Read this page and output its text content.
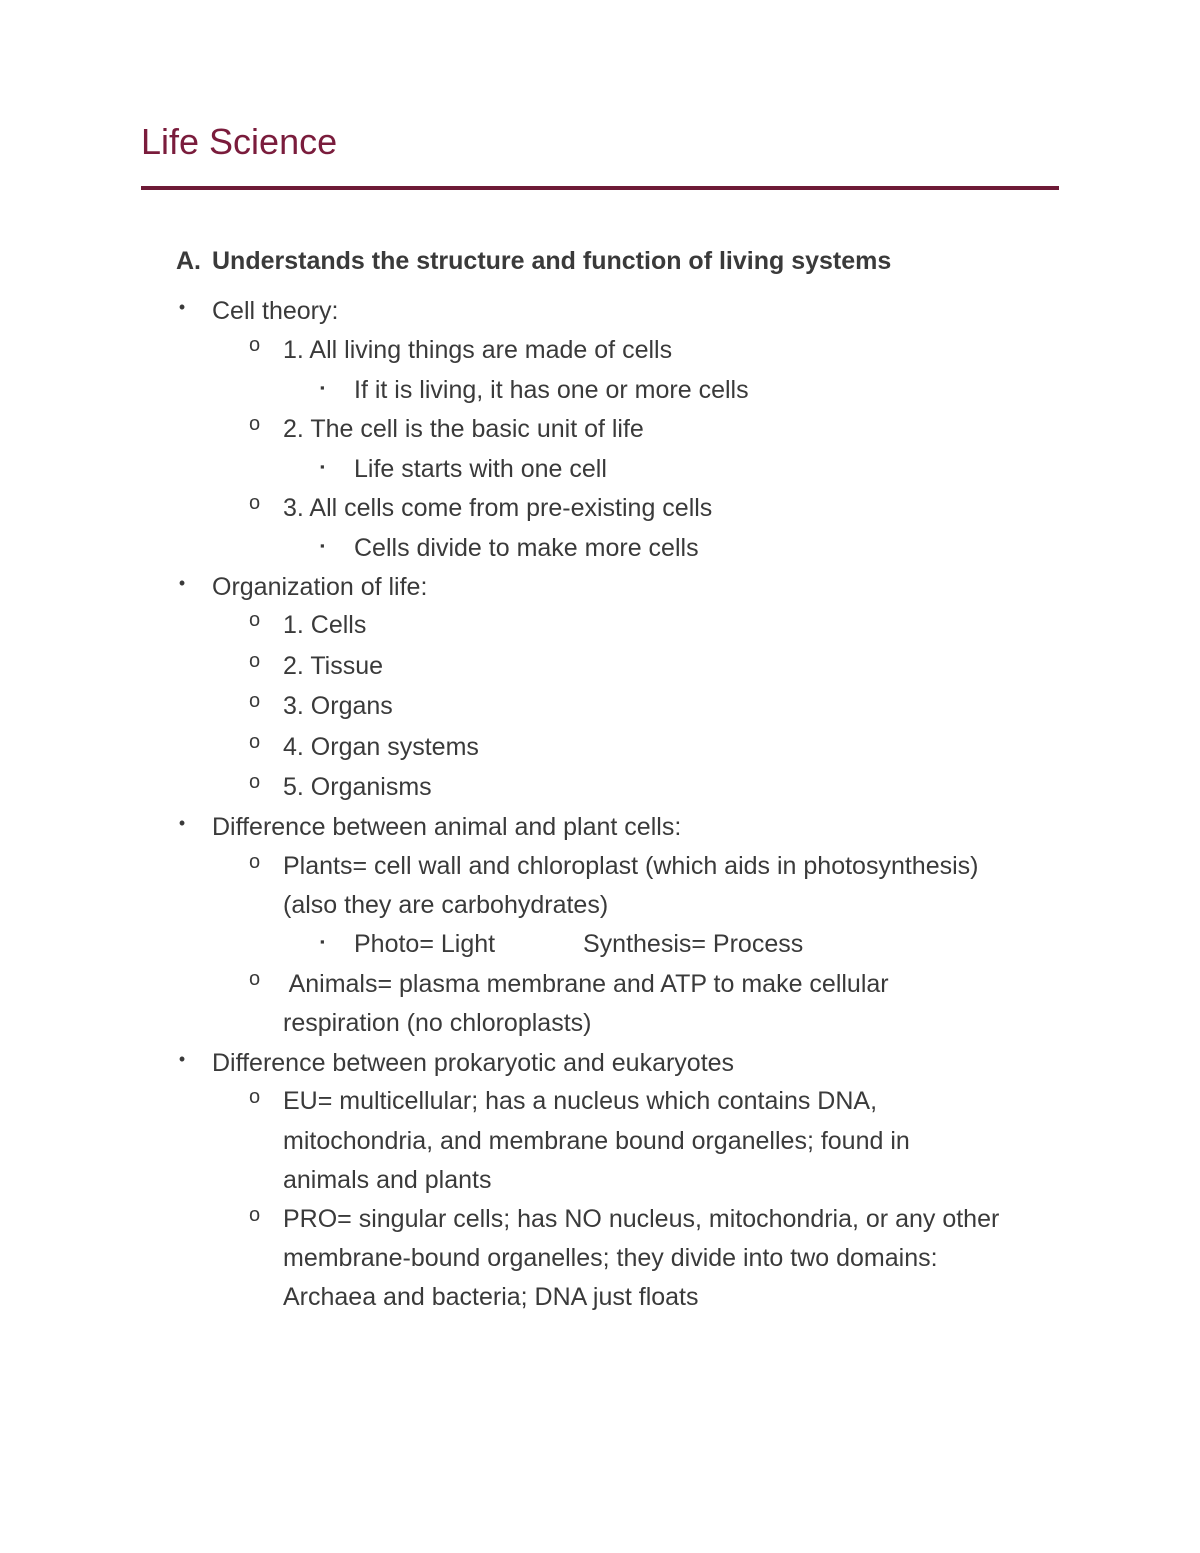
Life Science
A. Understands the structure and function of living systems
• Cell theory:
o 1. All living things are made of cells
▪ If it is living, it has one or more cells
o 2. The cell is the basic unit of life
▪ Life starts with one cell
o 3. All cells come from pre-existing cells
▪ Cells divide to make more cells
• Organization of life:
o 1. Cells
o 2. Tissue
o 3. Organs
o 4. Organ systems
o 5. Organisms
• Difference between animal and plant cells:
o Plants= cell wall and chloroplast (which aids in photosynthesis)
(also they are carbohydrates)
▪ Photo= Light	Synthesis= Process
o Animals= plasma membrane and ATP to make cellular
respiration (no chloroplasts)
• Difference between prokaryotic and eukaryotes
o EU= multicellular; has a nucleus which contains DNA,
mitochondria, and membrane bound organelles; found in
animals and plants
o PRO= singular cells; has NO nucleus, mitochondria, or any other
membrane-bound organelles; they divide into two domains:
Archaea and bacteria; DNA just floats
